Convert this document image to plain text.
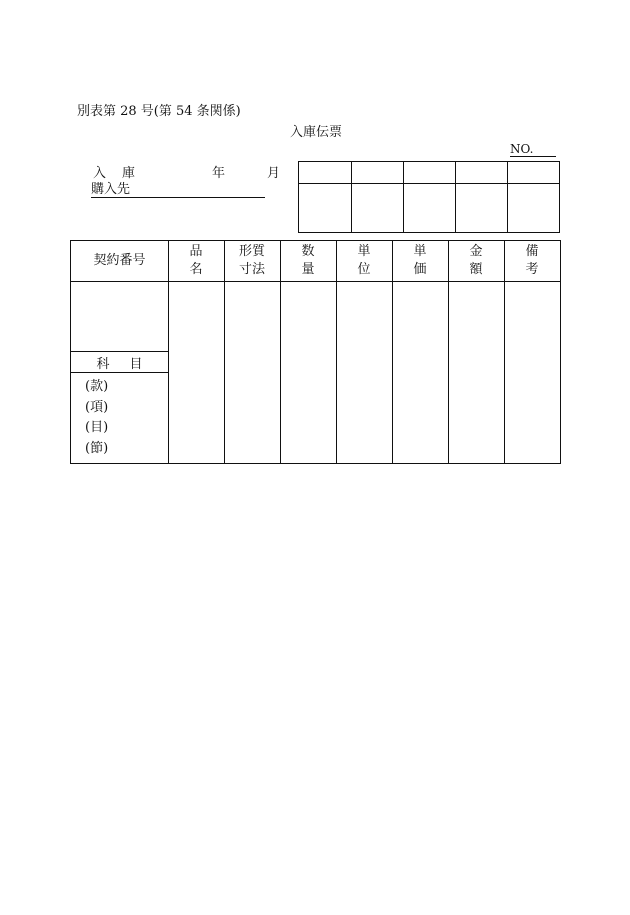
別表第 28 号(第 54 条関係)
入庫伝票
NO.
入庫	年	月
購入先
契約番号
品名
形質
寸法
数量
単位
単価
金額
備考
科目
(款)
(項)
(目)
(節)
